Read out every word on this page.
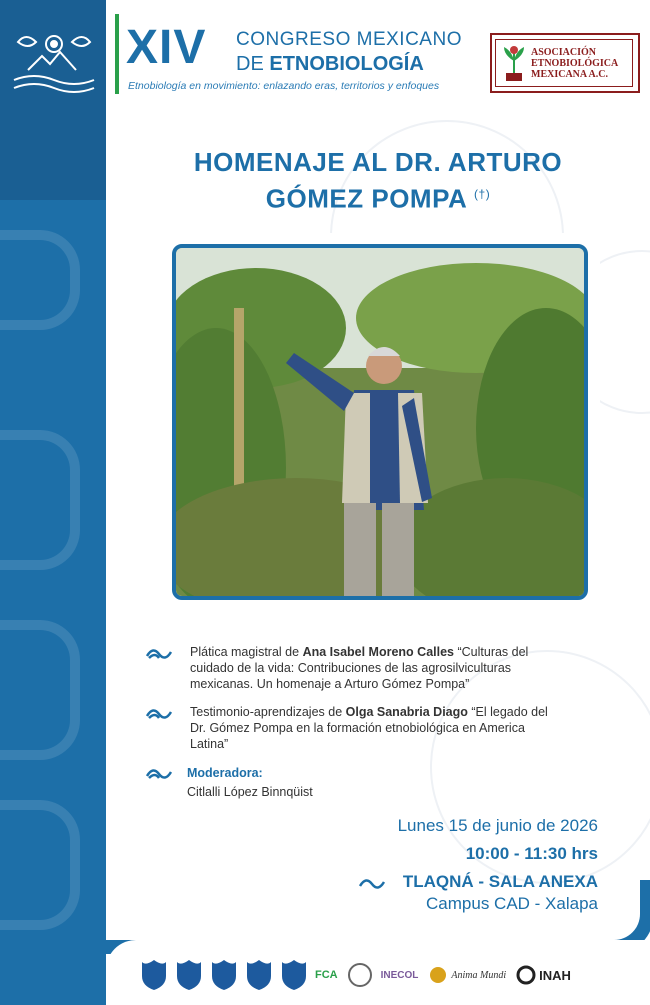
XIV CONGRESO MEXICANO
DE ETNOBIOLOGÍA
Etnobiología en movimiento: enlazando eras, territorios y enfoques
ASOCIACIÓN
ETNOBIOLÓGICA
MEXICANA A.C.
HOMENAJE AL DR. ARTURO
GÓMEZ POMPA (†)
Plática magistral de Ana Isabel Moreno Calles “Culturas del cuidado de la vida: Contribuciones de las agrosilviculturas mexicanas. Un homenaje a Arturo Gómez Pompa”
Testimonio-aprendizajes de Olga Sanabria Diago “El legado del Dr. Gómez Pompa en la formación etnobiológica en America Latina”
Moderadora:
Citlalli López Binnqüist
Lunes 15 de junio de 2026
10:00 - 11:30 hrs
TLAQNÁ - SALA ANEXA
Campus CAD - Xalapa
FCA	INECOL	Anima Mundi	INAH
